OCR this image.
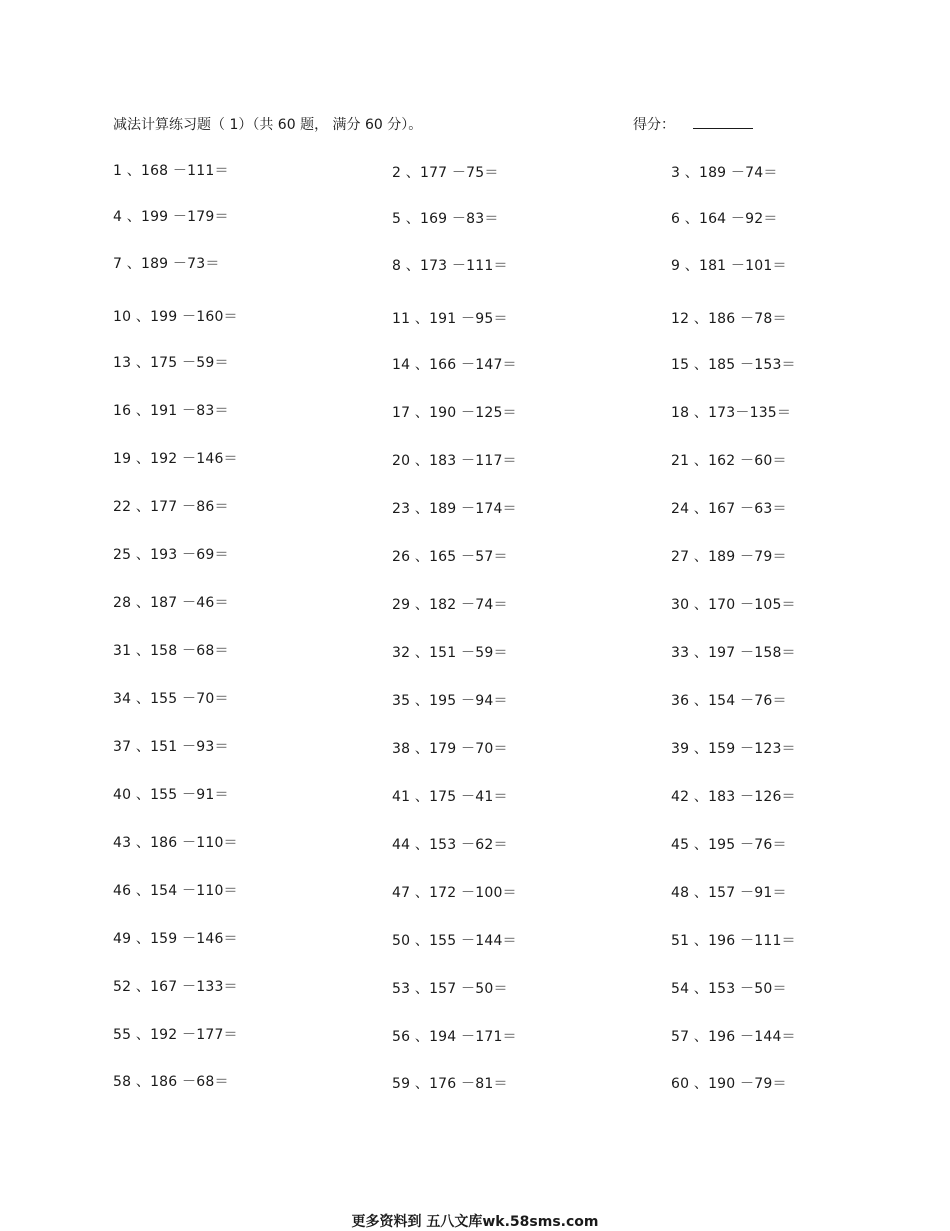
减法计算练习题（ 1）（共 60 题， 满分 60 分）。	得分：
1 、168 －111＝	2 、177 －75＝	3 、189 －74＝
4 、199 －179＝	5 、169 －83＝	6 、164 －92＝
7 、189 －73＝	8 、173 －111＝	9 、181 －101＝
10 、199 －160＝	11 、191 －95＝	12 、186 －78＝
13 、175 －59＝	14 、166 －147＝	15 、185 －153＝
16 、191 －83＝	17 、190 －125＝	18 、173－135＝
19 、192 －146＝	20 、183 －117＝	21 、162 －60＝
22 、177 －86＝	23 、189 －174＝	24 、167 －63＝
25 、193 －69＝	26 、165 －57＝	27 、189 －79＝
28 、187 －46＝	29 、182 －74＝	30 、170 －105＝
31 、158 －68＝	32 、151 －59＝	33 、197 －158＝
34 、155 －70＝	35 、195 －94＝	36 、154 －76＝
37 、151 －93＝	38 、179 －70＝	39 、159 －123＝
40 、155 －91＝	41 、175 －41＝	42 、183 －126＝
43 、186 －110＝	44 、153 －62＝	45 、195 －76＝
46 、154 －110＝	47 、172 －100＝	48 、157 －91＝
49 、159 －146＝	50 、155 －144＝	51 、196 －111＝
52 、167 －133＝	53 、157 －50＝	54 、153 －50＝
55 、192 －177＝	56 、194 －171＝	57 、196 －144＝
58 、186 －68＝	59 、176 －81＝	60 、190 －79＝
更多资料到 五八文库wk.58sms.com
